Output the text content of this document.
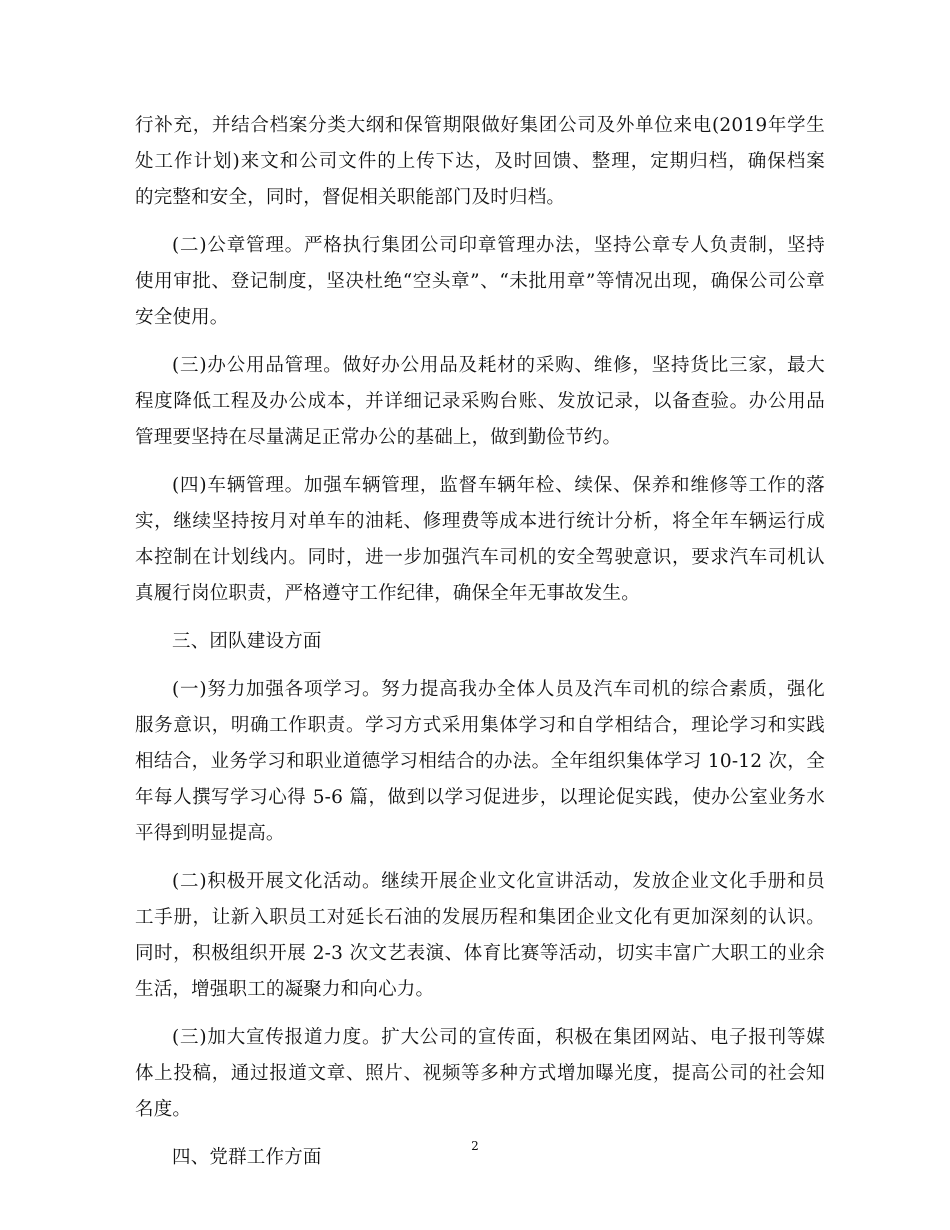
行补充，并结合档案分类大纲和保管期限做好集团公司及外单位来电(2019年学生
处工作计划)来文和公司文件的上传下达，及时回馈、整理，定期归档，确保档案
的完整和安全，同时，督促相关职能部门及时归档。
(二)公章管理。严格执行集团公司印章管理办法，坚持公章专人负责制，坚持
使用审批、登记制度，坚决杜绝“空头章”、“未批用章”等情况出现，确保公司公章
安全使用。
(三)办公用品管理。做好办公用品及耗材的采购、维修，坚持货比三家，最大
程度降低工程及办公成本，并详细记录采购台账、发放记录，以备查验。办公用品
管理要坚持在尽量满足正常办公的基础上，做到勤俭节约。
(四)车辆管理。加强车辆管理，监督车辆年检、续保、保养和维修等工作的落
实，继续坚持按月对单车的油耗、修理费等成本进行统计分析，将全年车辆运行成
本控制在计划线内。同时，进一步加强汽车司机的安全驾驶意识，要求汽车司机认
真履行岗位职责，严格遵守工作纪律，确保全年无事故发生。
三、团队建设方面
(一)努力加强各项学习。努力提高我办全体人员及汽车司机的综合素质，强化
服务意识，明确工作职责。学习方式采用集体学习和自学相结合，理论学习和实践
相结合，业务学习和职业道德学习相结合的办法。全年组织集体学习 10-12 次，全
年每人撰写学习心得 5-6 篇，做到以学习促进步，以理论促实践，使办公室业务水
平得到明显提高。
(二)积极开展文化活动。继续开展企业文化宣讲活动，发放企业文化手册和员
工手册，让新入职员工对延长石油的发展历程和集团企业文化有更加深刻的认识。
同时，积极组织开展 2-3 次文艺表演、体育比赛等活动，切实丰富广大职工的业余
生活，增强职工的凝聚力和向心力。
(三)加大宣传报道力度。扩大公司的宣传面，积极在集团网站、电子报刊等媒
体上投稿，通过报道文章、照片、视频等多种方式增加曝光度，提高公司的社会知
名度。
四、党群工作方面
2
